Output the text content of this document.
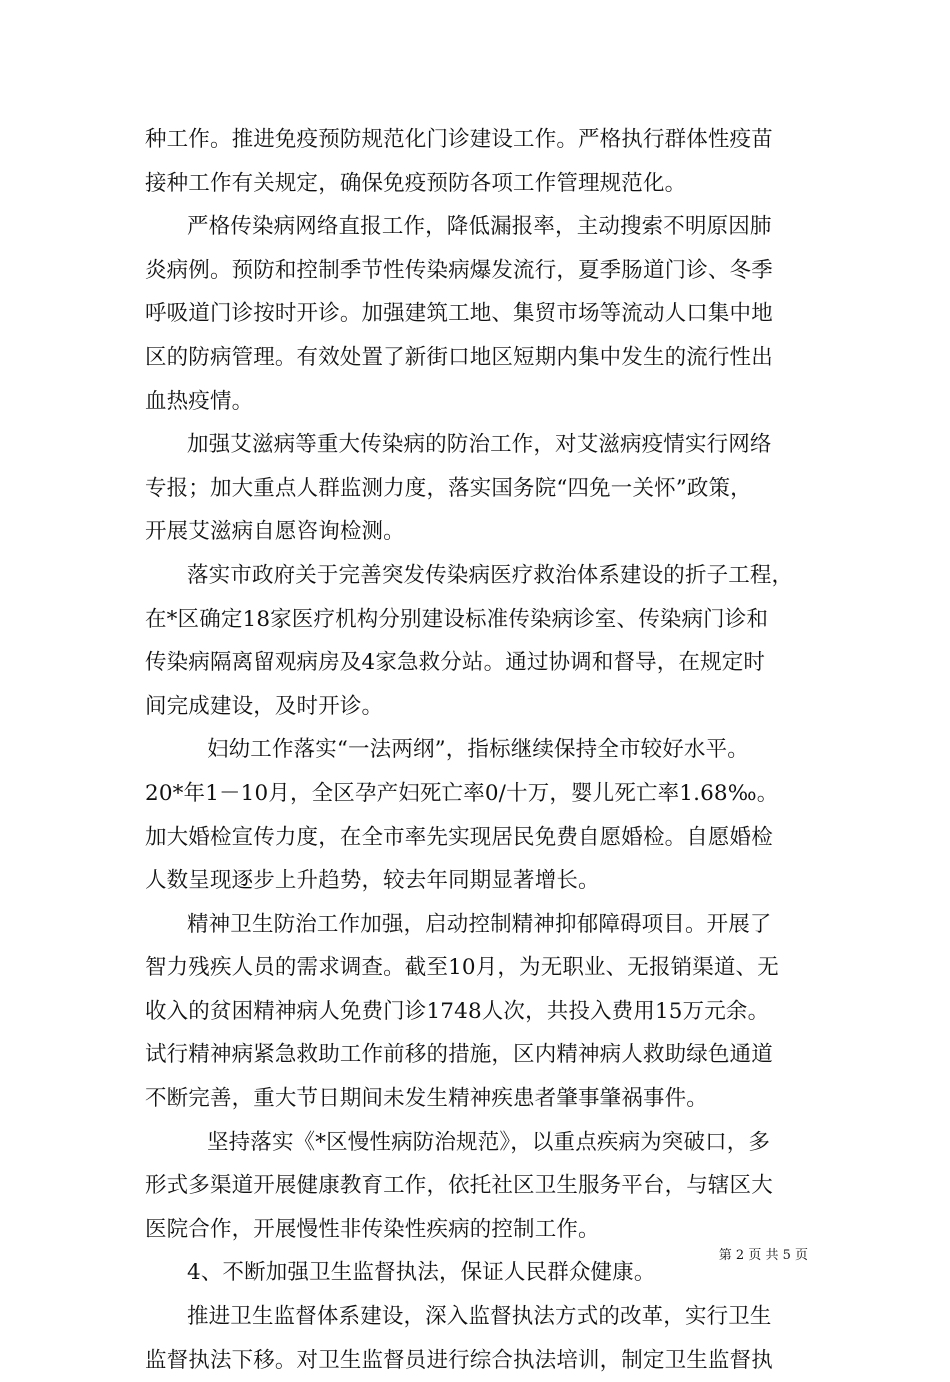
种工作。推进免疫预防规范化门诊建设工作。严格执行群体性疫苗
接种工作有关规定，确保免疫预防各项工作管理规范化。
严格传染病网络直报工作，降低漏报率，主动搜索不明原因肺
炎病例。预防和控制季节性传染病爆发流行，夏季肠道门诊、冬季
呼吸道门诊按时开诊。加强建筑工地、集贸市场等流动人口集中地
区的防病管理。有效处置了新街口地区短期内集中发生的流行性出
血热疫情。
加强艾滋病等重大传染病的防治工作，对艾滋病疫情实行网络
专报；加大重点人群监测力度，落实国务院“四免一关怀”政策，
开展艾滋病自愿咨询检测。
落实市政府关于完善突发传染病医疗救治体系建设的折子工程，
在*区确定18家医疗机构分别建设标准传染病诊室、传染病门诊和
传染病隔离留观病房及4家急救分站。通过协调和督导，在规定时
间完成建设，及时开诊。
妇幼工作落实“一法两纲”，指标继续保持全市较好水平。
20*年1－10月，全区孕产妇死亡率0/十万，婴儿死亡率1.68‰。
加大婚检宣传力度，在全市率先实现居民免费自愿婚检。自愿婚检
人数呈现逐步上升趋势，较去年同期显著增长。
精神卫生防治工作加强，启动控制精神抑郁障碍项目。开展了
智力残疾人员的需求调查。截至10月，为无职业、无报销渠道、无
收入的贫困精神病人免费门诊1748人次，共投入费用15万元余。
试行精神病紧急救助工作前移的措施，区内精神病人救助绿色通道
不断完善，重大节日期间未发生精神疾患者肇事肇祸事件。
坚持落实《*区慢性病防治规范》，以重点疾病为突破口，多
形式多渠道开展健康教育工作，依托社区卫生服务平台，与辖区大
医院合作，开展慢性非传染性疾病的控制工作。
4、不断加强卫生监督执法，保证人民群众健康。
推进卫生监督体系建设，深入监督执法方式的改革，实行卫生
监督执法下移。对卫生监督员进行综合执法培训，制定卫生监督执
第 2 页 共 5 页
